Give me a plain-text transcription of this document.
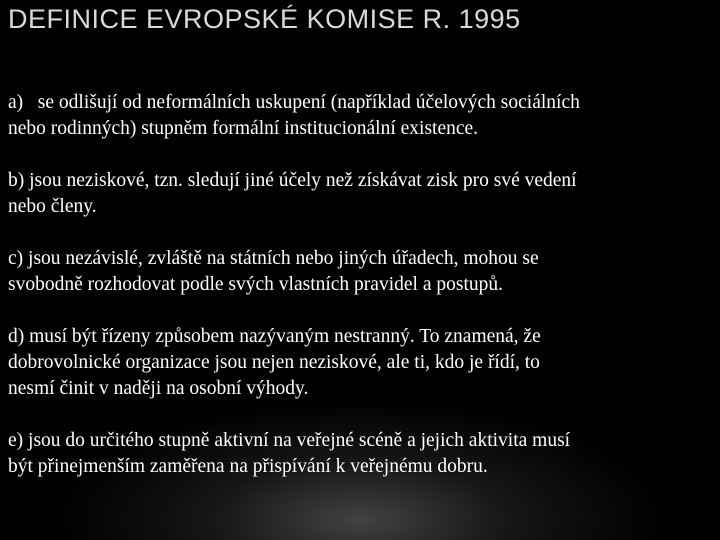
DEFINICE EVROPSKÉ KOMISE R. 1995
a) se odlišují od neformálních uskupení (například účelových sociálních
nebo rodinných) stupněm formální institucionální existence.
b) jsou neziskové, tzn. sledují jiné účely než získávat zisk pro své vedení
nebo členy.
c) jsou nezávislé, zvláště na státních nebo jiných úřadech, mohou se
svobodně rozhodovat podle svých vlastních pravidel a postupů.
d) musí být řízeny způsobem nazývaným nestranný. To znamená, že
dobrovolnické organizace jsou nejen neziskové, ale ti, kdo je řídí, to
nesmí činit v naději na osobní výhody.
e) jsou do určitého stupně aktivní na veřejné scéně a jejich aktivita musí
být přinejmenším zaměřena na přispívání k veřejnému dobru.
